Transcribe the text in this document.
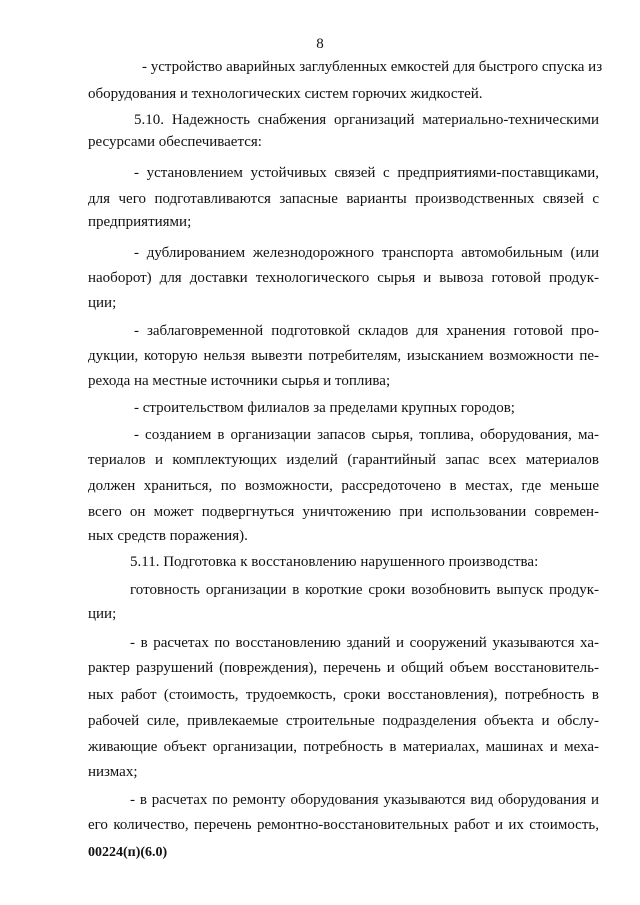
8
- устройство аварийных заглубленных емкостей для быстрого спуска из
оборудования и технологических систем горючих жидкостей.
5.10. Надежность снабжения организаций материально-техническими
ресурсами обеспечивается:
- установлением устойчивых связей с предприятиями-поставщиками,
для чего подготавливаются запасные варианты производственных связей с
предприятиями;
- дублированием железнодорожного транспорта автомобильным (или
наоборот) для доставки технологического сырья и вывоза готовой продук-
ции;
- заблаговременной подготовкой складов для хранения готовой про-
дукции, которую нельзя вывезти потребителям, изысканием возможности пе-
рехода на местные источники сырья и топлива;
- строительством филиалов за пределами крупных городов;
- созданием в организации запасов сырья, топлива, оборудования, ма-
териалов и комплектующих изделий (гарантийный запас всех материалов
должен храниться, по возможности, рассредоточено в местах, где меньше
всего он может подвергнуться уничтожению при использовании современ-
ных средств поражения).
5.11. Подготовка к восстановлению нарушенного производства:
готовность организации в короткие сроки возобновить выпуск продук-
ции;
- в расчетах по восстановлению зданий и сооружений указываются ха-
рактер разрушений (повреждения), перечень и общий объем восстановитель-
ных работ (стоимость, трудоемкость, сроки восстановления), потребность в
рабочей силе, привлекаемые строительные подразделения объекта и обслу-
живающие объект организации, потребность в материалах, машинах и меха-
низмах;
- в расчетах по ремонту оборудования указываются вид оборудования и
его количество, перечень ремонтно-восстановительных работ и их стоимость,
00224(п)(6.0)
